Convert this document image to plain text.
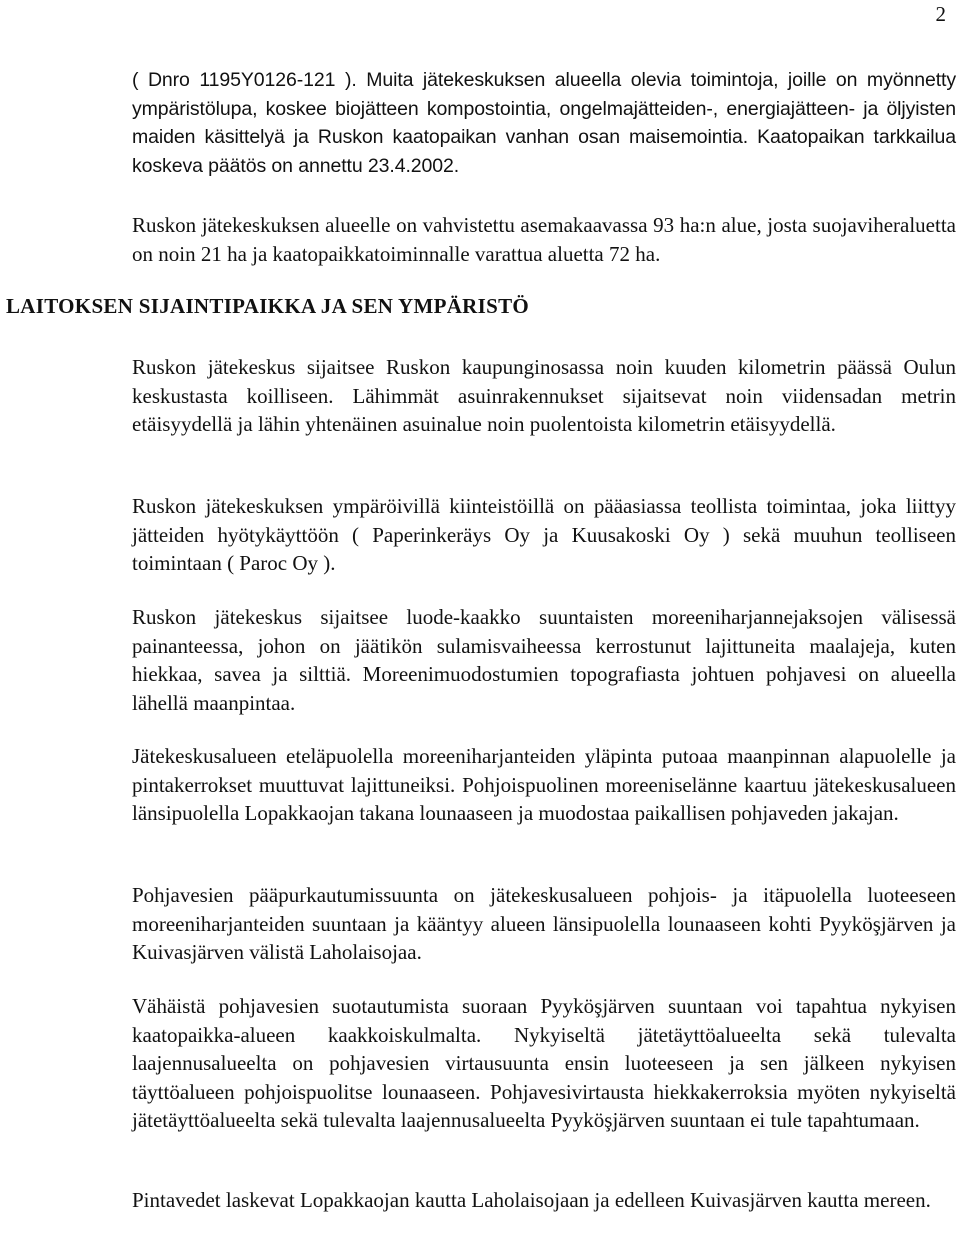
2

( Dnro 1195Y0126-121 ). Muita jätekeskuksen alueella olevia toimintoja, joille on myönnetty ympäristölupa, koskee biojätteen kompostointia, ongelmajätteiden-, energiajätteen- ja öljyisten maiden käsittelyä ja Ruskon kaatopaikan vanhan osan maisemointia. Kaatopaikan tarkkailua koskeva päätös on annettu 23.4.2002.

Ruskon jätekeskuksen alueelle on vahvistettu asemakaavassa 93 ha:n alue, josta suojaviheraluetta on noin 21 ha ja kaatopaikkatoiminnalle varattua aluetta 72 ha.

LAITOKSEN SIJAINTIPAIKKA JA SEN YMPÄRISTÖ

Ruskon jätekeskus sijaitsee Ruskon kaupunginosassa noin kuuden kilometrin päässä Oulun keskustasta koilliseen. Lähimmät asuinrakennukset sijaitsevat noin viidensadan metrin etäisyydellä ja lähin yhtenäinen asuinalue noin puolentoista kilometrin etäisyydellä.

Ruskon jätekeskuksen ympäröivillä kiinteistöillä on pääasiassa teollista toimintaa, joka liittyy jätteiden hyötykäyttöön ( Paperinkeräys Oy ja Kuusakoski Oy ) sekä muuhun teolliseen toimintaan ( Paroc Oy ).

Ruskon jätekeskus sijaitsee luode-kaakko suuntaisten moreeniharjannejaksojen välisessä painanteessa, johon on jäätikön sulamisvaiheessa kerrostunut lajittuneita maalajeja, kuten hiekkaa, savea ja silttiä. Moreenimuodostumien topografiasta johtuen pohjavesi on alueella lähellä maanpintaa.

Jätekeskusalueen eteläpuolella moreeniharjanteiden yläpinta putoaa maanpinnan alapuolelle ja pintakerrokset muuttuvat lajittuneiksi. Pohjoispuolinen moreeniselänne kaartuu jätekeskusalueen länsipuolella Lopakkaojan takana lounaaseen ja muodostaa paikallisen pohjaveden jakajan.

Pohjavesien pääpurkautumissuunta on jätekeskusalueen pohjois- ja itäpuolella luoteeseen moreeniharjanteiden suuntaan ja kääntyy alueen länsipuolella lounaaseen kohti Pyyköşjärven ja Kuivasjärven välistä Laholaisojaa.

Vähäistä pohjavesien suotautumista suoraan Pyyköşjärven suuntaan voi tapahtua nykyisen kaatopaikka-alueen kaakkoiskulmalta. Nykyiseltä jätetäyttöalueelta sekä tulevalta laajennusalueelta on pohjavesien virtausuunta ensin luoteeseen ja sen jälkeen nykyisen täyttöalueen pohjoispuolitse lounaaseen. Pohjavesivirtausta hiekkakerroksia myöten nykyiseltä jätetäyttöalueelta sekä tulevalta laajennusalueelta Pyyköşjärven suuntaan ei tule tapahtumaan.

Pintavedet laskevat Lopakkaojan kautta Laholaisojaan ja edelleen Kuivasjärven kautta mereen.
